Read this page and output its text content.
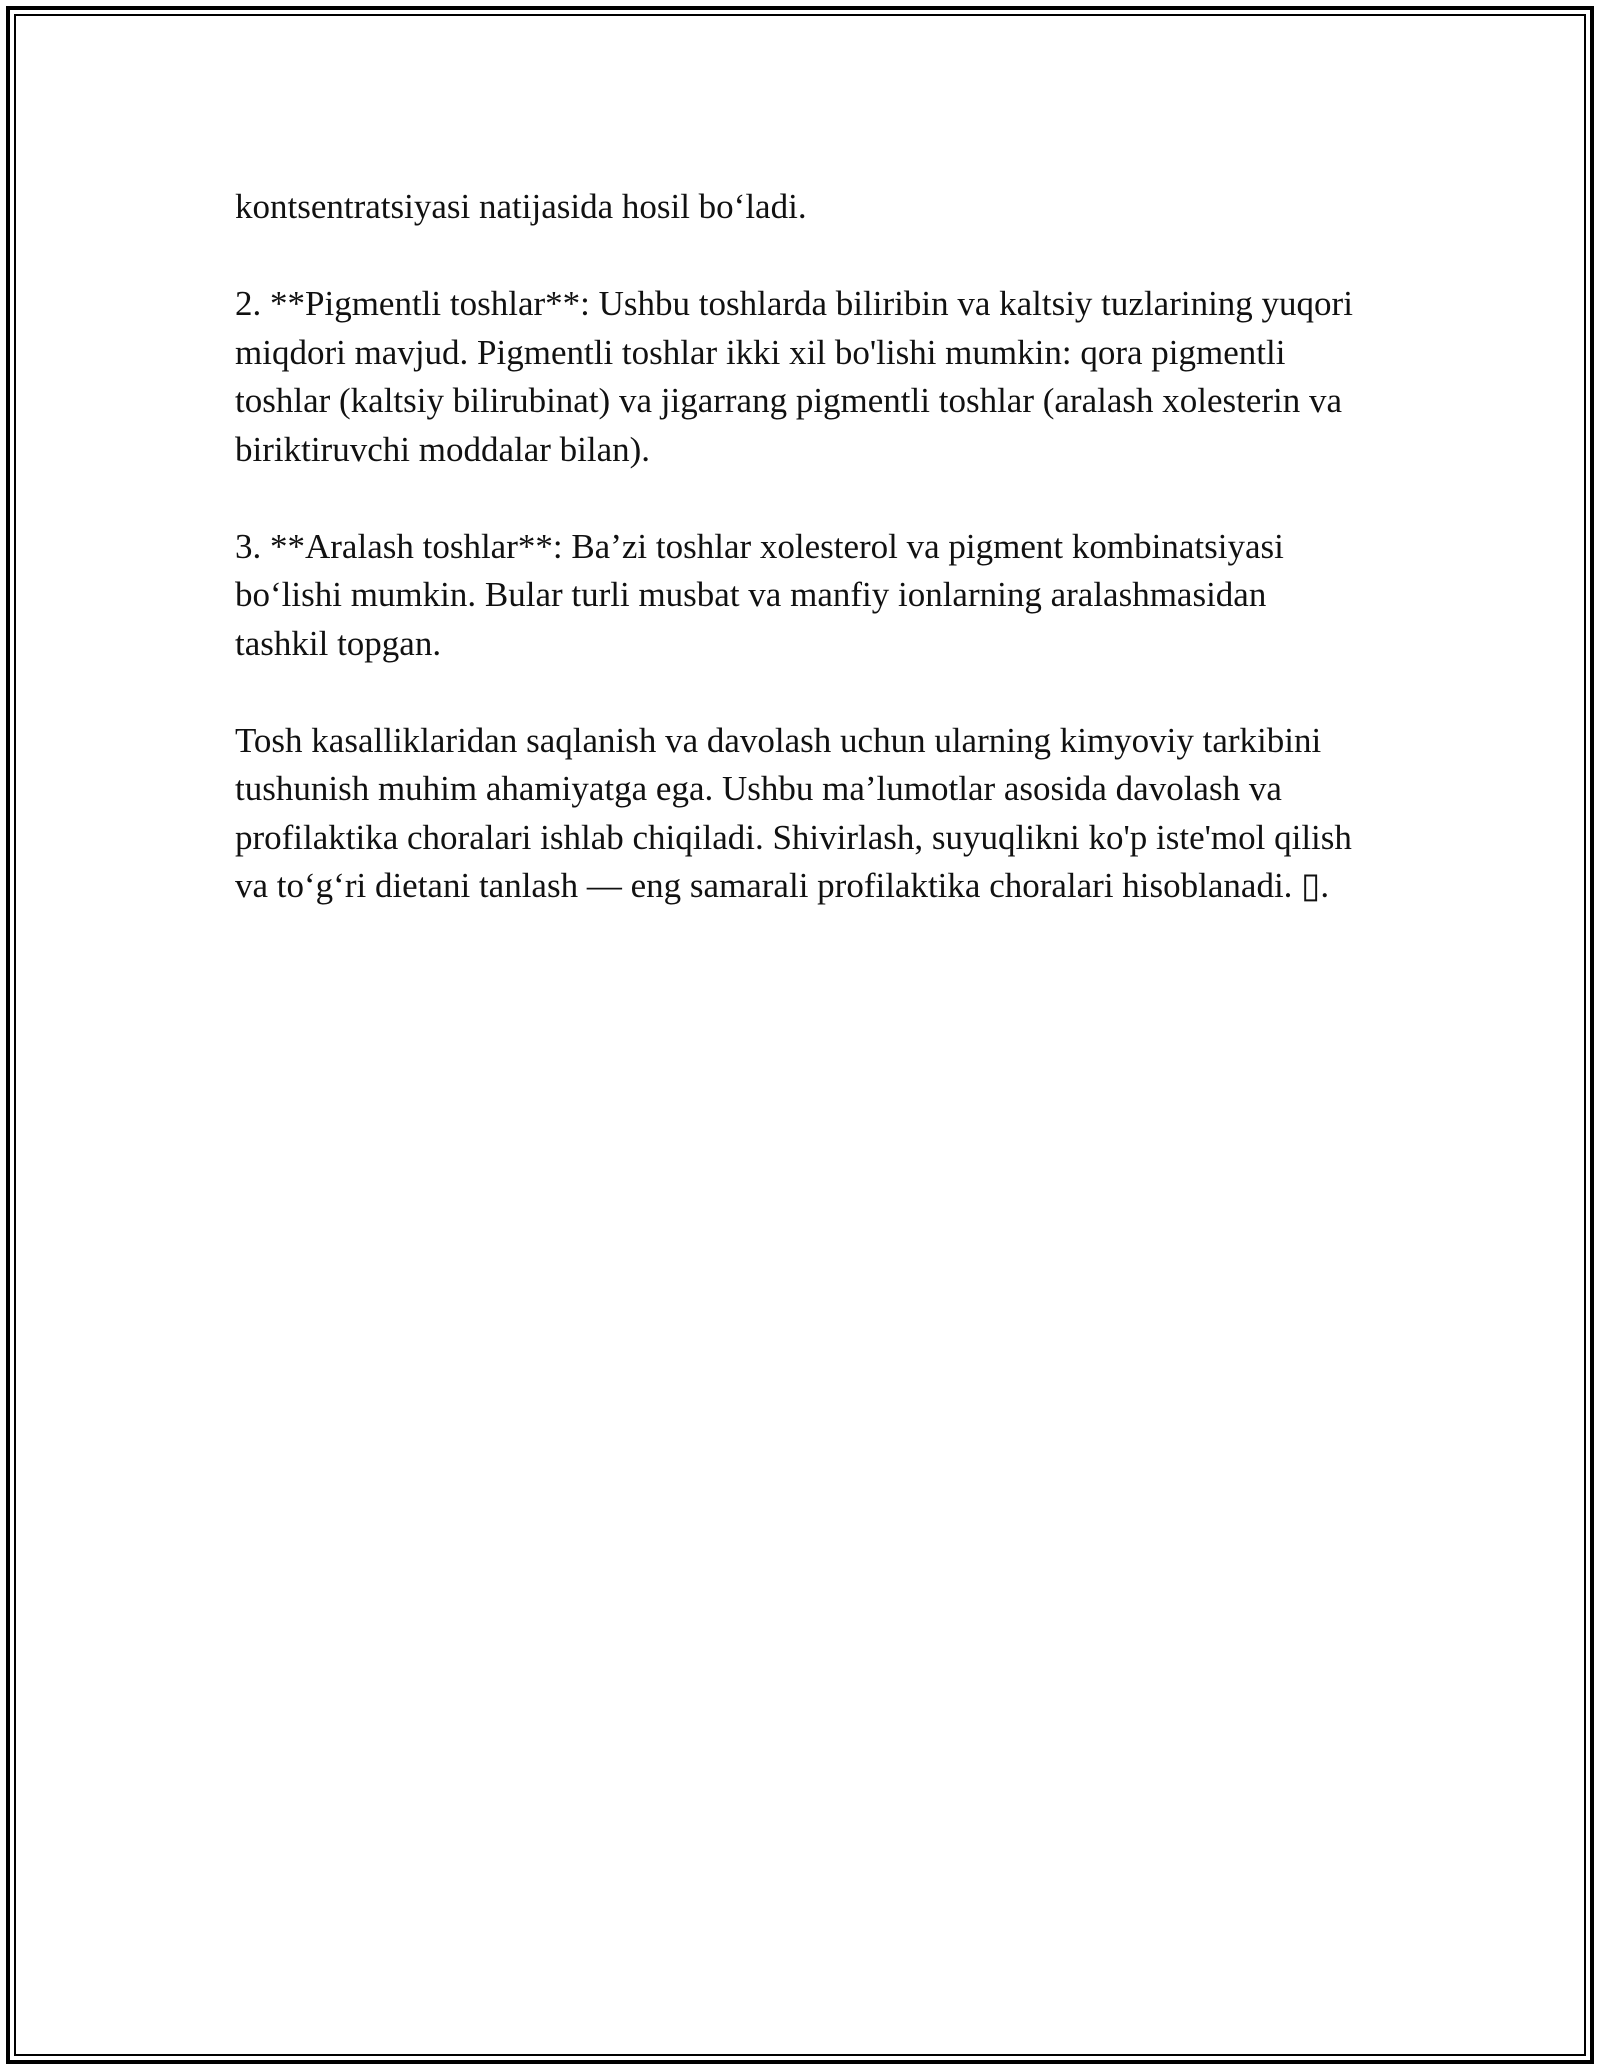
kontsentratsiyasi natijasida hosil bo‘ladi.

2. **Pigmentli toshlar**: Ushbu toshlarda biliribin va kaltsiy tuzlarining yuqori miqdori mavjud. Pigmentli toshlar ikki xil bo'lishi mumkin: qora pigmentli toshlar (kaltsiy bilirubinat) va jigarrang pigmentli toshlar (aralash xolesterin va biriktiruvchi moddalar bilan).

3. **Aralash toshlar**: Ba’zi toshlar xolesterol va pigment kombinatsiyasi bo‘lishi mumkin. Bular turli musbat va manfiy ionlarning aralashmasidan tashkil topgan.

Tosh kasalliklaridan saqlanish va davolash uchun ularning kimyoviy tarkibini tushunish muhim ahamiyatga ega. Ushbu ma’lumotlar asosida davolash va profilaktika choralari ishlab chiqiladi. Shivirlash, suyuqlikni ko'p iste'mol qilish va to‘g‘ri dietani tanlash — eng samarali profilaktika choralari hisoblanadi. ▯.
